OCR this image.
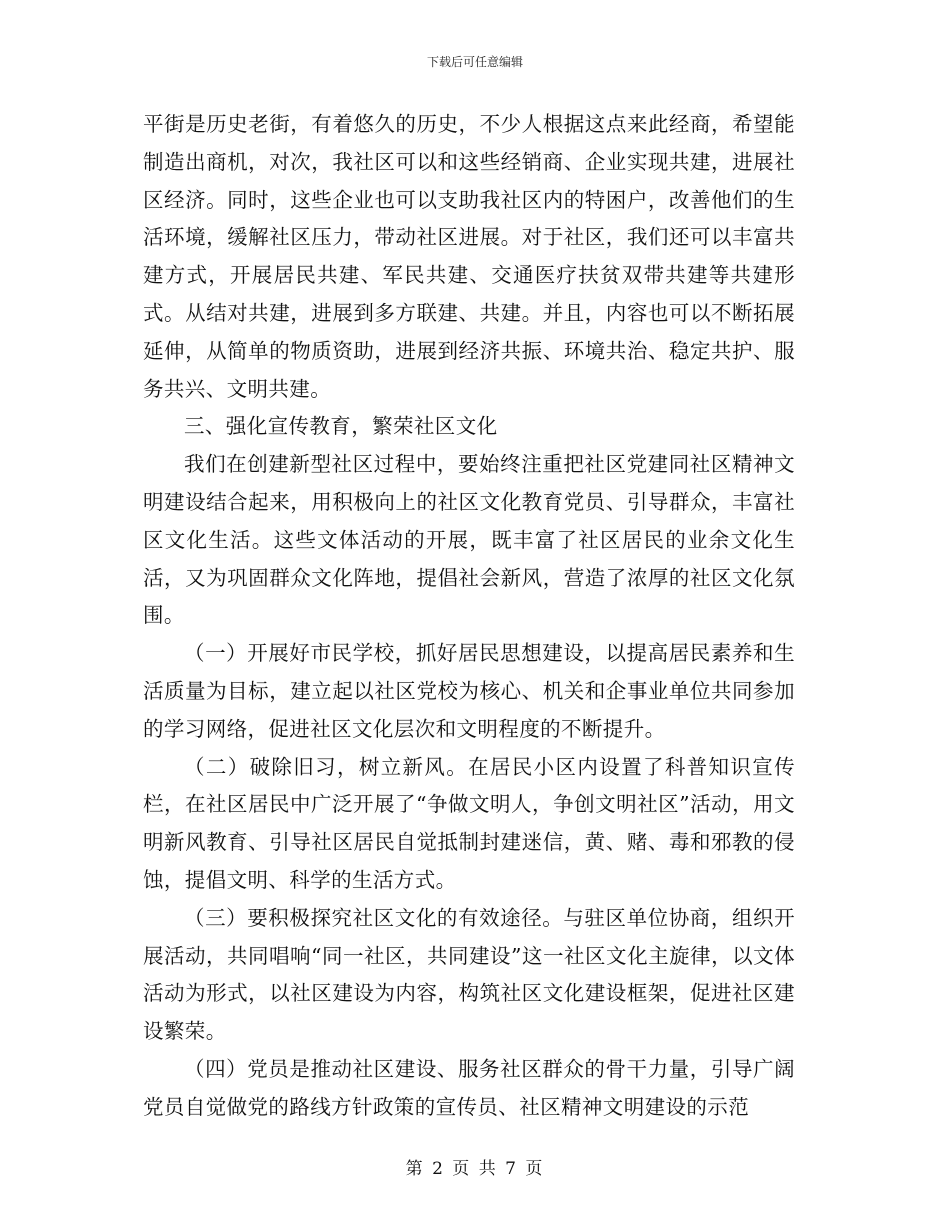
下载后可任意编辑

平街是历史老街，有着悠久的历史，不少人根据这点来此经商，希望能制造出商机，对次，我社区可以和这些经销商、企业实现共建，进展社区经济。同时，这些企业也可以支助我社区内的特困户，改善他们的生活环境，缓解社区压力，带动社区进展。对于社区，我们还可以丰富共建方式，开展居民共建、军民共建、交通医疗扶贫双带共建等共建形式。从结对共建，进展到多方联建、共建。并且，内容也可以不断拓展延伸，从简单的物质资助，进展到经济共振、环境共治、稳定共护、服务共兴、文明共建。

三、强化宣传教育，繁荣社区文化

我们在创建新型社区过程中，要始终注重把社区党建同社区精神文明建设结合起来，用积极向上的社区文化教育党员、引导群众，丰富社区文化生活。这些文体活动的开展，既丰富了社区居民的业余文化生活，又为巩固群众文化阵地，提倡社会新风，营造了浓厚的社区文化氛围。

（一）开展好市民学校，抓好居民思想建设，以提高居民素养和生活质量为目标，建立起以社区党校为核心、机关和企事业单位共同参加的学习网络，促进社区文化层次和文明程度的不断提升。

（二）破除旧习，树立新风。在居民小区内设置了科普知识宣传栏，在社区居民中广泛开展了“争做文明人，争创文明社区”活动，用文明新风教育、引导社区居民自觉抵制封建迷信，黄、赌、毒和邪教的侵蚀，提倡文明、科学的生活方式。

（三）要积极探究社区文化的有效途径。与驻区单位协商，组织开展活动，共同唱响“同一社区，共同建设”这一社区文化主旋律，以文体活动为形式，以社区建设为内容，构筑社区文化建设框架，促进社区建设繁荣。

（四）党员是推动社区建设、服务社区群众的骨干力量，引导广阔党员自觉做党的路线方针政策的宣传员、社区精神文明建设的示范

第 2 页 共 7 页
